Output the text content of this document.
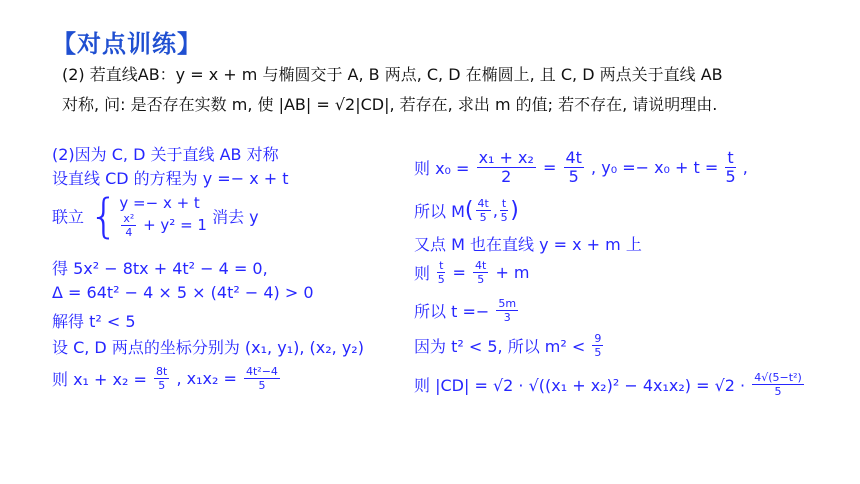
【对点训练】
(2) 若直线AB：y = x + m 与椭圆交于 A, B 两点, C, D 在椭圆上, 且 C, D 两点关于直线 AB
对称, 问: 是否存在实数 m, 使 |AB| = √2|CD|, 若存在, 求出 m 的值; 若不存在, 请说明理由.
(2)因为 C, D 关于直线 AB 对称
设直线 CD 的方程为 y =− x + t
联立 { y =− x + t
$\frac{\text{x²}}{4} + y^2 = 1$ 消去 y
得 5x² − 8tx + 4t² − 4 = 0,
Δ = 64t² − 4 × 5 × (4t² − 4) > 0
解得 t² < 5
设 C, D 两点的坐标分别为 (x₁, y₁), (x₂, y₂)
则 $x_1 + x_2 = \frac{8t}{5}$ , $x_1x_2 = \frac{\text{4t²−4}}{5}$
则 $x_0 = \frac{\text{x₁ + x₂}}{2} = \frac{4t}{5}$ , $y_0 =- x_0 + t = \frac{t}{5}$ ,
所以 $M( \frac{4t}{5}$ , $\frac{t}{5}$ )
又点 M 也在直线 y = x + m 上
则 $\frac{t}{5} = \frac{4t}{5} + m$
所以 $t =- \frac{5m}{3}$
因为 t² < 5, 所以 $m^2 < \frac{9}{5}$
则 $|CD| = √2 \cdot √((x_1 + x_2)^2 - 4x_1x_2) = √2 \cdot \frac{\text{4√(5−t²)}}{5}$
